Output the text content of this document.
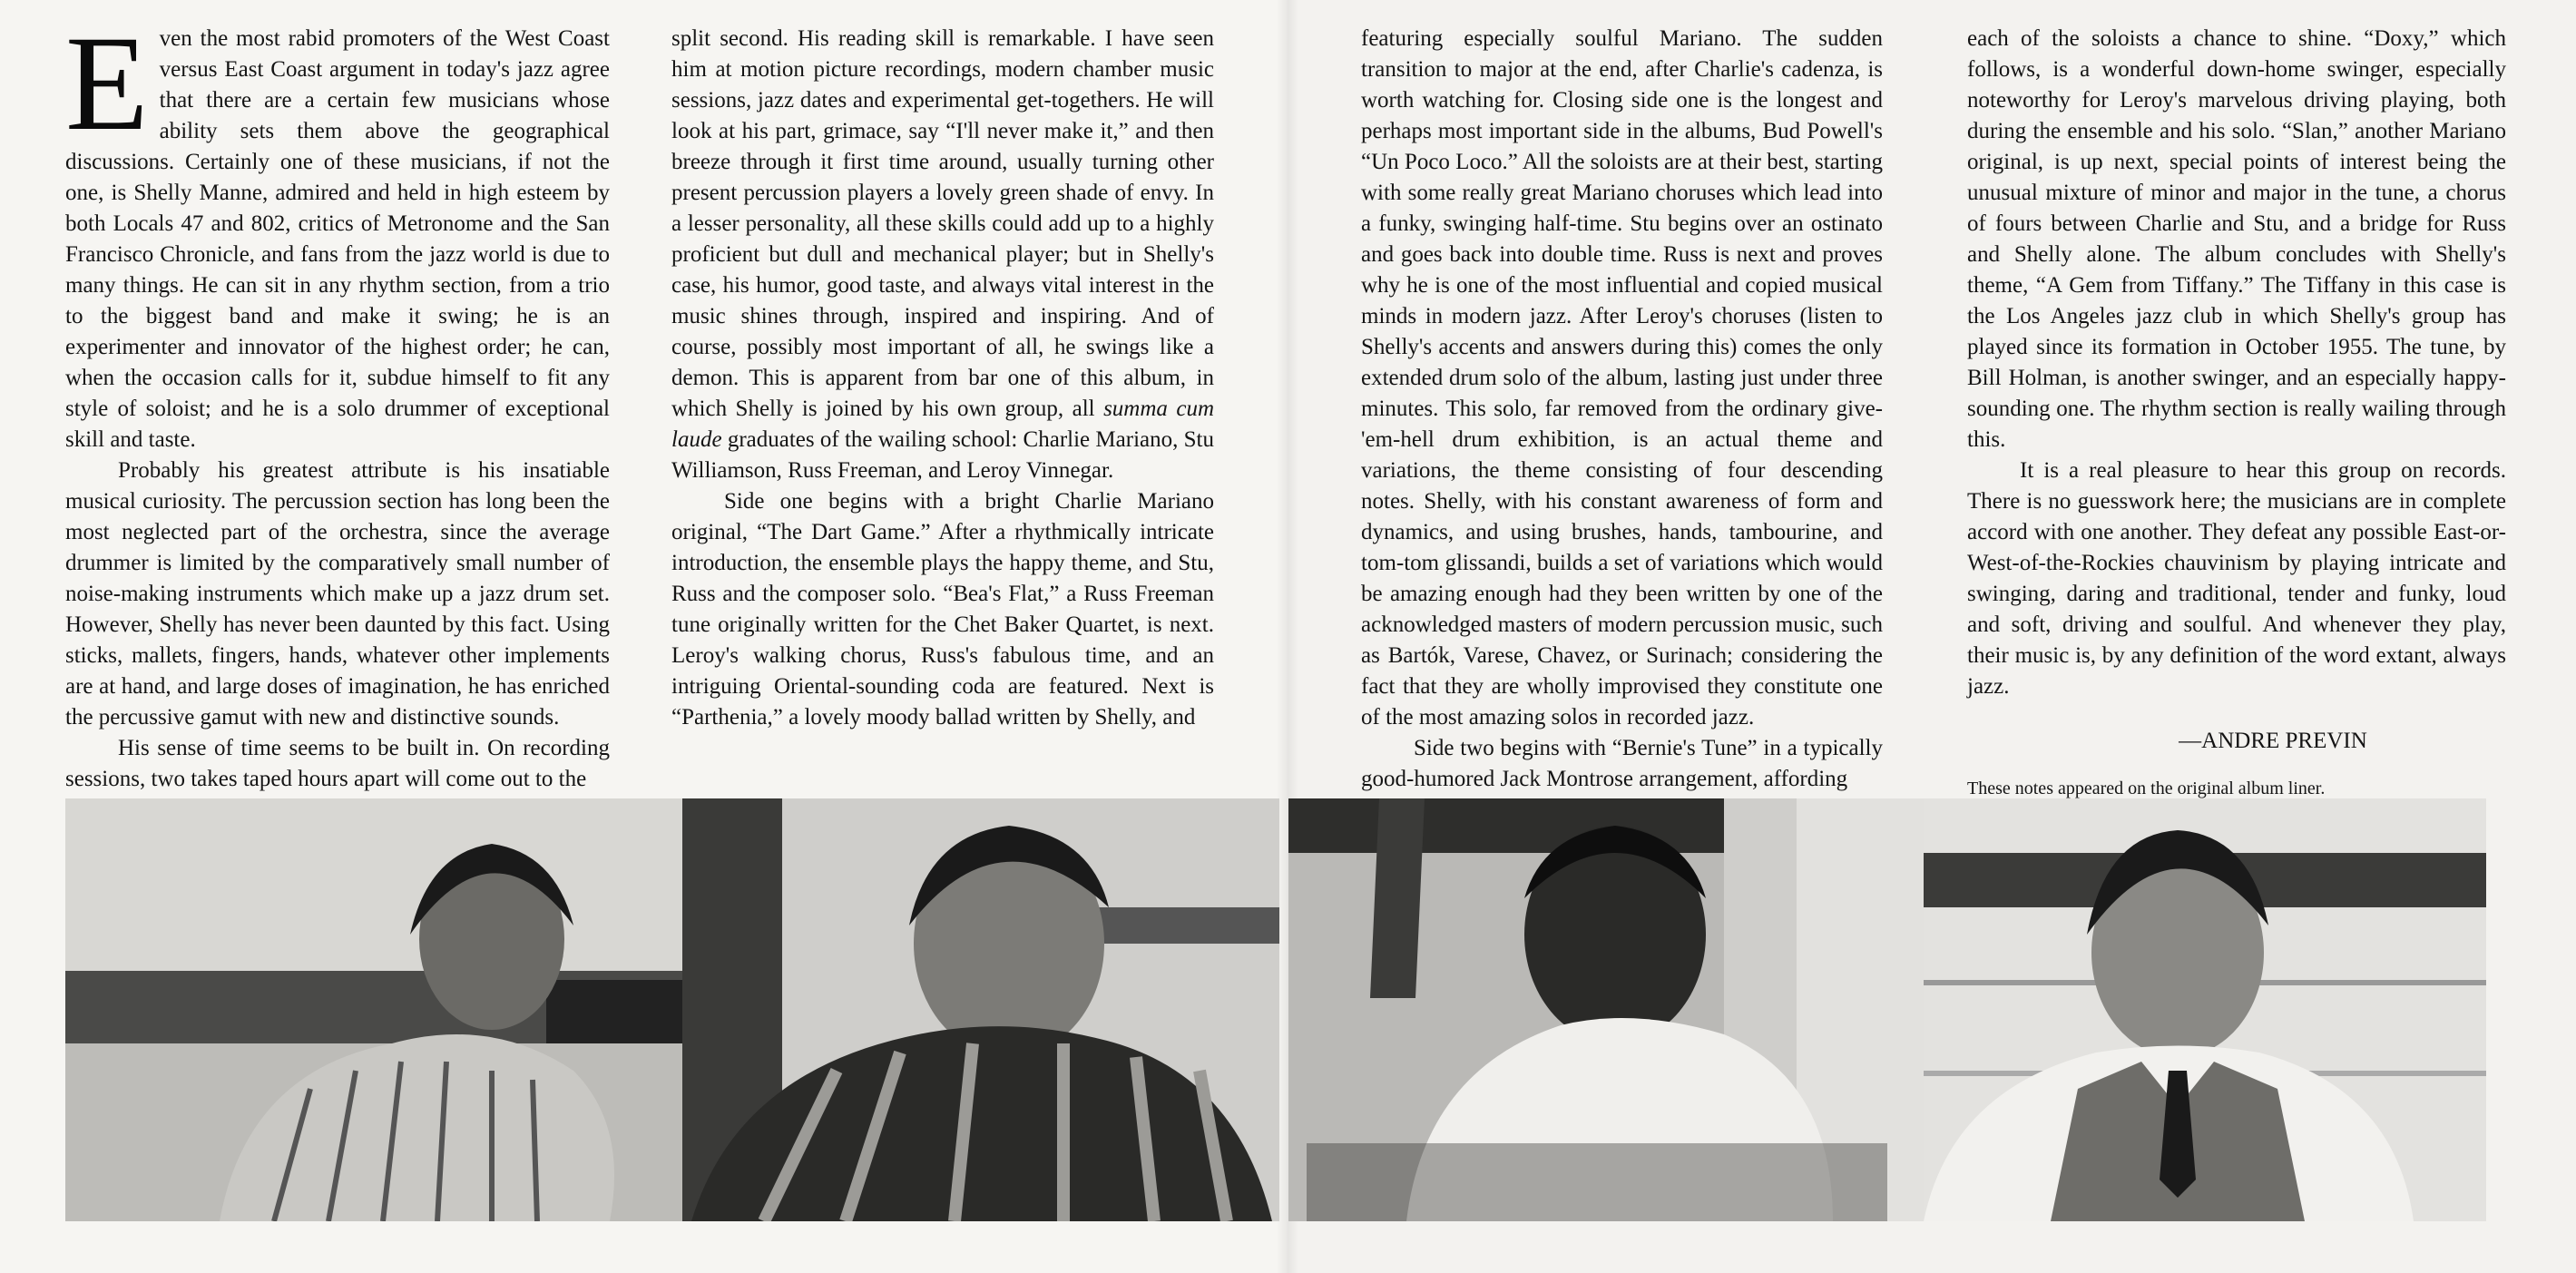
Even the most rabid promoters of the West Coast versus East Coast argument in today's jazz agree that there are a certain few musicians whose ability sets them above the geographical discussions. Certainly one of these musicians, if not the one, is Shelly Manne, admired and held in high esteem by both Locals 47 and 802, critics of Metronome and the San Francisco Chronicle, and fans from the jazz world is due to many things. He can sit in any rhythm section, from a trio to the biggest band and make it swing; he is an experimenter and innovator of the highest order; he can, when the occasion calls for it, subdue himself to fit any style of soloist; and he is a solo drummer of exceptional skill and taste.

Probably his greatest attribute is his insatiable musical curiosity. The percussion section has long been the most neglected part of the orchestra, since the average drummer is limited by the comparatively small number of noise-making instruments which make up a jazz drum set. However, Shelly has never been daunted by this fact. Using sticks, mallets, fingers, hands, whatever other implements are at hand, and large doses of imagination, he has enriched the percussive gamut with new and distinctive sounds.

His sense of time seems to be built in. On recording sessions, two takes taped hours apart will come out to the

split second. His reading skill is remarkable. I have seen him at motion picture recordings, modern chamber music sessions, jazz dates and experimental get-togethers. He will look at his part, grimace, say “I'll never make it,” and then breeze through it first time around, usually turning other present percussion players a lovely green shade of envy. In a lesser personality, all these skills could add up to a highly proficient but dull and mechanical player; but in Shelly's case, his humor, good taste, and always vital interest in the music shines through, inspired and inspiring. And of course, possibly most important of all, he swings like a demon. This is apparent from bar one of this album, in which Shelly is joined by his own group, all summa cum laude graduates of the wailing school: Charlie Mariano, Stu Williamson, Russ Freeman, and Leroy Vinnegar.

Side one begins with a bright Charlie Mariano original, “The Dart Game.” After a rhythmically intricate introduction, the ensemble plays the happy theme, and Stu, Russ and the composer solo. “Bea's Flat,” a Russ Freeman tune originally written for the Chet Baker Quartet, is next. Leroy's walking chorus, Russ's fabulous time, and an intriguing Oriental-sounding coda are featured. Next is “Parthenia,” a lovely moody ballad written by Shelly, and

featuring especially soulful Mariano. The sudden transition to major at the end, after Charlie's cadenza, is worth watching for. Closing side one is the longest and perhaps most important side in the albums, Bud Powell's “Un Poco Loco.” All the soloists are at their best, starting with some really great Mariano choruses which lead into a funky, swinging half-time. Stu begins over an ostinato and goes back into double time. Russ is next and proves why he is one of the most influential and copied musical minds in modern jazz. After Leroy's choruses (listen to Shelly's accents and answers during this) comes the only extended drum solo of the album, lasting just under three minutes. This solo, far removed from the ordinary give-'em-hell drum exhibition, is an actual theme and variations, the theme consisting of four descending notes. Shelly, with his constant awareness of form and dynamics, and using brushes, hands, tambourine, and tom-tom glissandi, builds a set of variations which would be amazing enough had they been written by one of the acknowledged masters of modern percussion music, such as Bartók, Varese, Chavez, or Surinach; considering the fact that they are wholly improvised they constitute one of the most amazing solos in recorded jazz.

Side two begins with “Bernie's Tune” in a typically good-humored Jack Montrose arrangement, affording

each of the soloists a chance to shine. “Doxy,” which follows, is a wonderful down-home swinger, especially noteworthy for Leroy's marvelous driving playing, both during the ensemble and his solo. “Slan,” another Mariano original, is up next, special points of interest being the unusual mixture of minor and major in the tune, a chorus of fours between Charlie and Stu, and a bridge for Russ and Shelly alone. The album concludes with Shelly's theme, “A Gem from Tiffany.” The Tiffany in this case is the Los Angeles jazz club in which Shelly's group has played since its formation in October 1955. The tune, by Bill Holman, is another swinger, and an especially happy-sounding one. The rhythm section is really wailing through this.

It is a real pleasure to hear this group on records. There is no guesswork here; the musicians are in complete accord with one another. They defeat any possible East-or-West-of-the-Rockies chauvinism by playing intricate and swinging, daring and traditional, tender and funky, loud and soft, driving and soulful. And whenever they play, their music is, by any definition of the word extant, always jazz.

—ANDRE PREVIN

These notes appeared on the original album liner.
